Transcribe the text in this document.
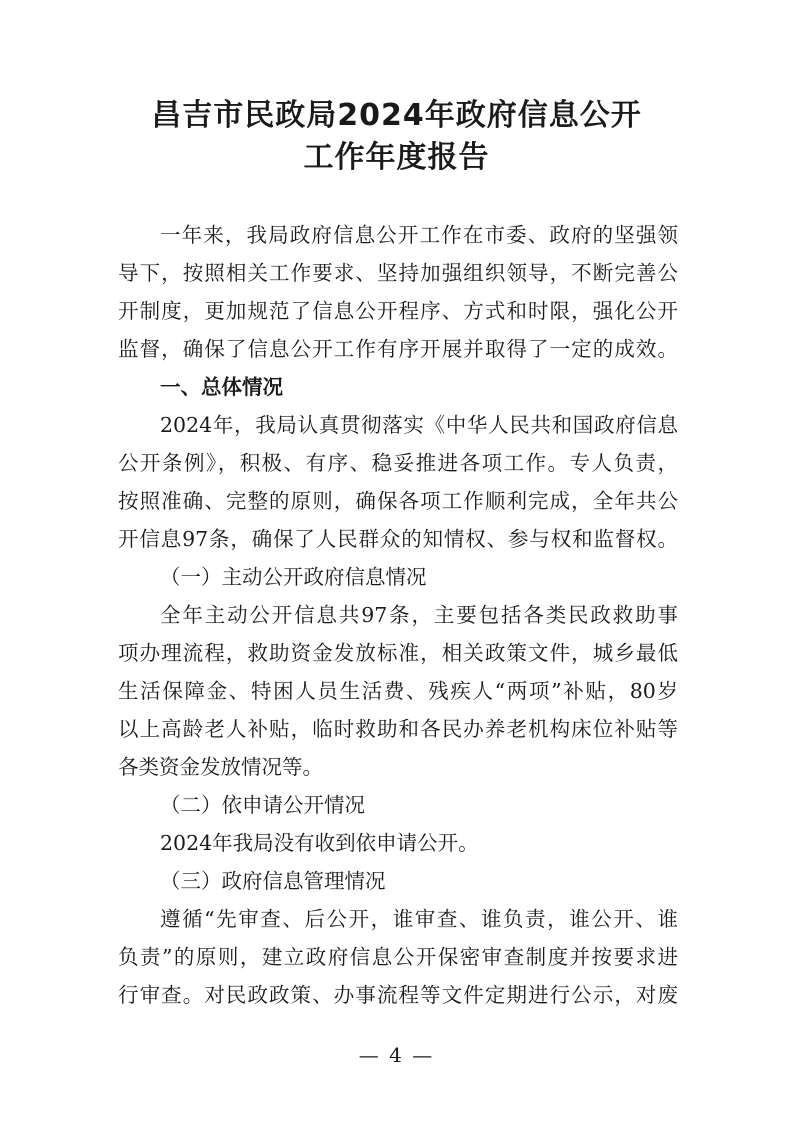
昌吉市民政局2024年政府信息公开
工作年度报告

一年来，我局政府信息公开工作在市委、政府的坚强领

导下，按照相关工作要求、坚持加强组织领导，不断完善公

开制度，更加规范了信息公开程序、方式和时限，强化公开

监督，确保了信息公开工作有序开展并取得了一定的成效。

一、总体情况

2024年，我局认真贯彻落实《中华人民共和国政府信息

公开条例》，积极、有序、稳妥推进各项工作。专人负责，

按照准确、完整的原则，确保各项工作顺利完成，全年共公

开信息97条，确保了人民群众的知情权、参与权和监督权。

（一）主动公开政府信息情况

全年主动公开信息共97条，主要包括各类民政救助事

项办理流程，救助资金发放标准，相关政策文件，城乡最低

生活保障金、特困人员生活费、残疾人“两项”补贴，80岁

以上高龄老人补贴，临时救助和各民办养老机构床位补贴等

各类资金发放情况等。

（二）依申请公开情况

2024年我局没有收到依申请公开。

（三）政府信息管理情况

遵循“先审查、后公开，谁审查、谁负责，谁公开、谁

负责”的原则，建立政府信息公开保密审查制度并按要求进

行审查。对民政政策、办事流程等文件定期进行公示，对废

— 4 —
